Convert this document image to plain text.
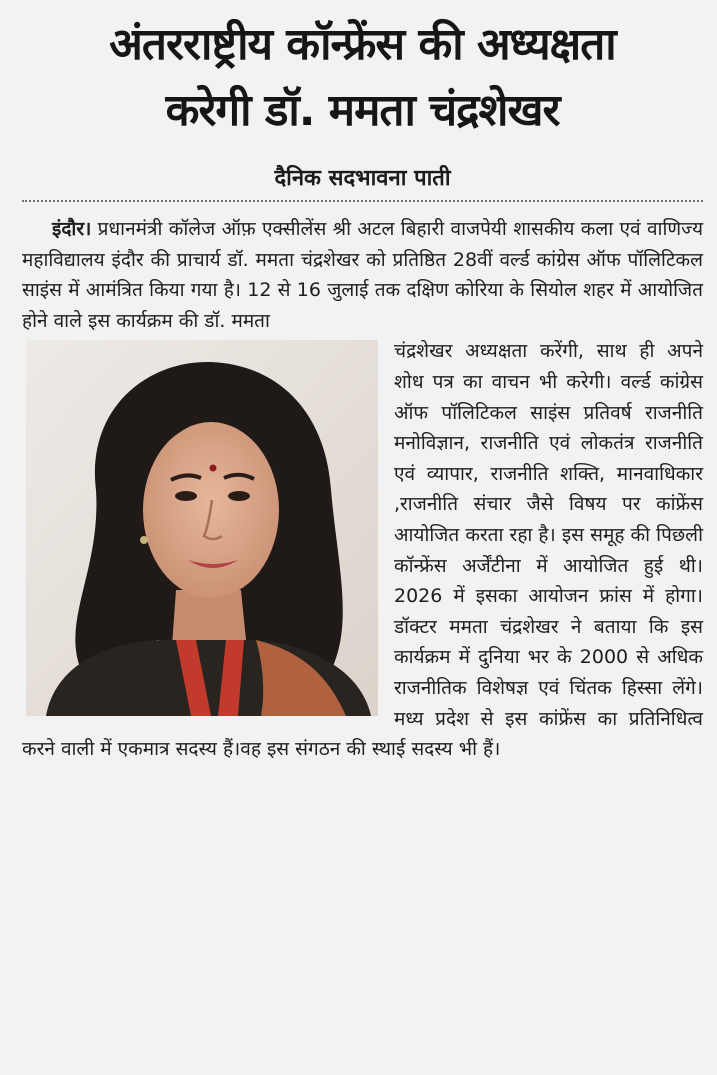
अंतरराष्ट्रीय कॉन्फ्रेंस की अध्यक्षता
करेगी डॉ. ममता चंद्रशेखर
दैनिक सदभावना पाती

इंदौर। प्रधानमंत्री कॉलेज ऑफ़ एक्सीलेंस श्री अटल बिहारी वाजपेयी शासकीय कला एवं वाणिज्य महाविद्यालय इंदौर की प्राचार्य डॉ. ममता चंद्रशेखर को प्रतिष्ठित 28वीं वर्ल्ड कांग्रेस ऑफ पॉलिटिकल साइंस में आमंत्रित किया गया है। 12 से 16 जुलाई तक दक्षिण कोरिया के सियोल शहर में आयोजित होने वाले इस कार्यक्रम की डॉ. ममता

चंद्रशेखर अध्यक्षता करेंगी, साथ ही अपने शोध पत्र का वाचन भी करेगी। वर्ल्ड कांग्रेस ऑफ पॉलिटिकल साइंस प्रतिवर्ष राजनीति मनोविज्ञान, राजनीति एवं लोकतंत्र राजनीति एवं व्यापार, राजनीति शक्ति, मानवाधिकार ,राजनीति संचार जैसे विषय पर कांफ्रेंस आयोजित करता रहा है। इस समूह की पिछली कॉन्फ्रेंस अर्जेंटीना में आयोजित हुई थी। 2026 में इसका आयोजन फ्रांस में होगा। डॉक्टर ममता चंद्रशेखर ने बताया कि इस कार्यक्रम में दुनिया भर के 2000 से अधिक राजनीतिक विशेषज्ञ एवं चिंतक हिस्सा लेंगे। मध्य प्रदेश से इस कांफ्रेंस का प्रतिनिधित्व करने वाली में एकमात्र सदस्य हैं।वह इस संगठन की स्थाई सदस्य भी हैं।
